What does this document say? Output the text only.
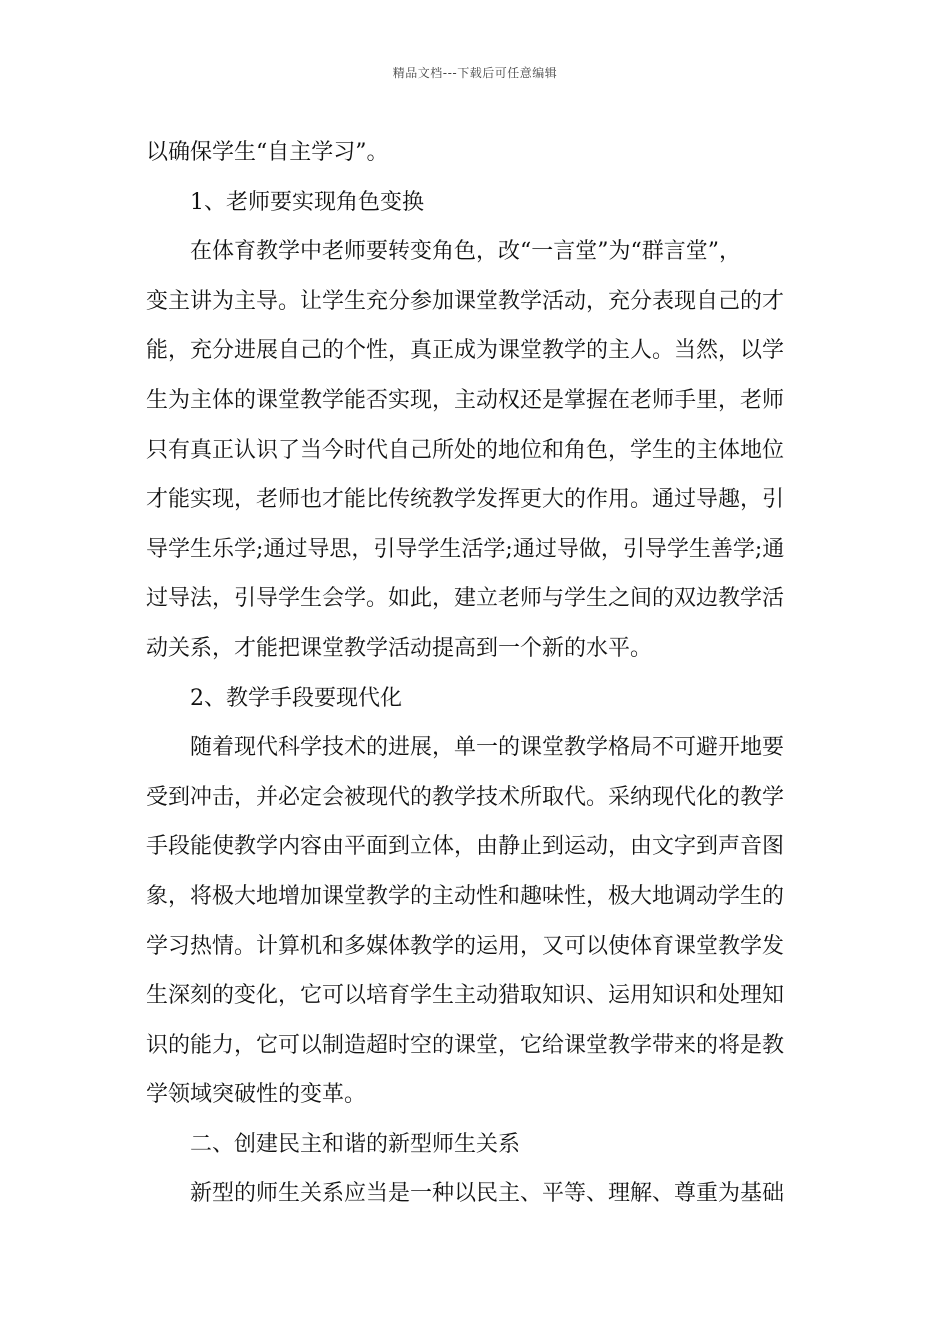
精品文档---下载后可任意编辑
以确保学生“自主学习”。
1、老师要实现角色变换
在体育教学中老师要转变角色，改“一言堂”为“群言堂”，
变主讲为主导。让学生充分参加课堂教学活动，充分表现自己的才
能，充分进展自己的个性，真正成为课堂教学的主人。当然，以学
生为主体的课堂教学能否实现，主动权还是掌握在老师手里，老师
只有真正认识了当今时代自己所处的地位和角色，学生的主体地位
才能实现，老师也才能比传统教学发挥更大的作用。通过导趣，引
导学生乐学;通过导思，引导学生活学;通过导做，引导学生善学;通
过导法，引导学生会学。如此，建立老师与学生之间的双边教学活
动关系，才能把课堂教学活动提高到一个新的水平。
2、教学手段要现代化
随着现代科学技术的进展，单一的课堂教学格局不可避开地要
受到冲击，并必定会被现代的教学技术所取代。采纳现代化的教学
手段能使教学内容由平面到立体，由静止到运动，由文字到声音图
象，将极大地增加课堂教学的主动性和趣味性，极大地调动学生的
学习热情。计算机和多媒体教学的运用，又可以使体育课堂教学发
生深刻的变化，它可以培育学生主动猎取知识、运用知识和处理知
识的能力，它可以制造超时空的课堂，它给课堂教学带来的将是教
学领域突破性的变革。
二、创建民主和谐的新型师生关系
新型的师生关系应当是一种以民主、平等、理解、尊重为基础
